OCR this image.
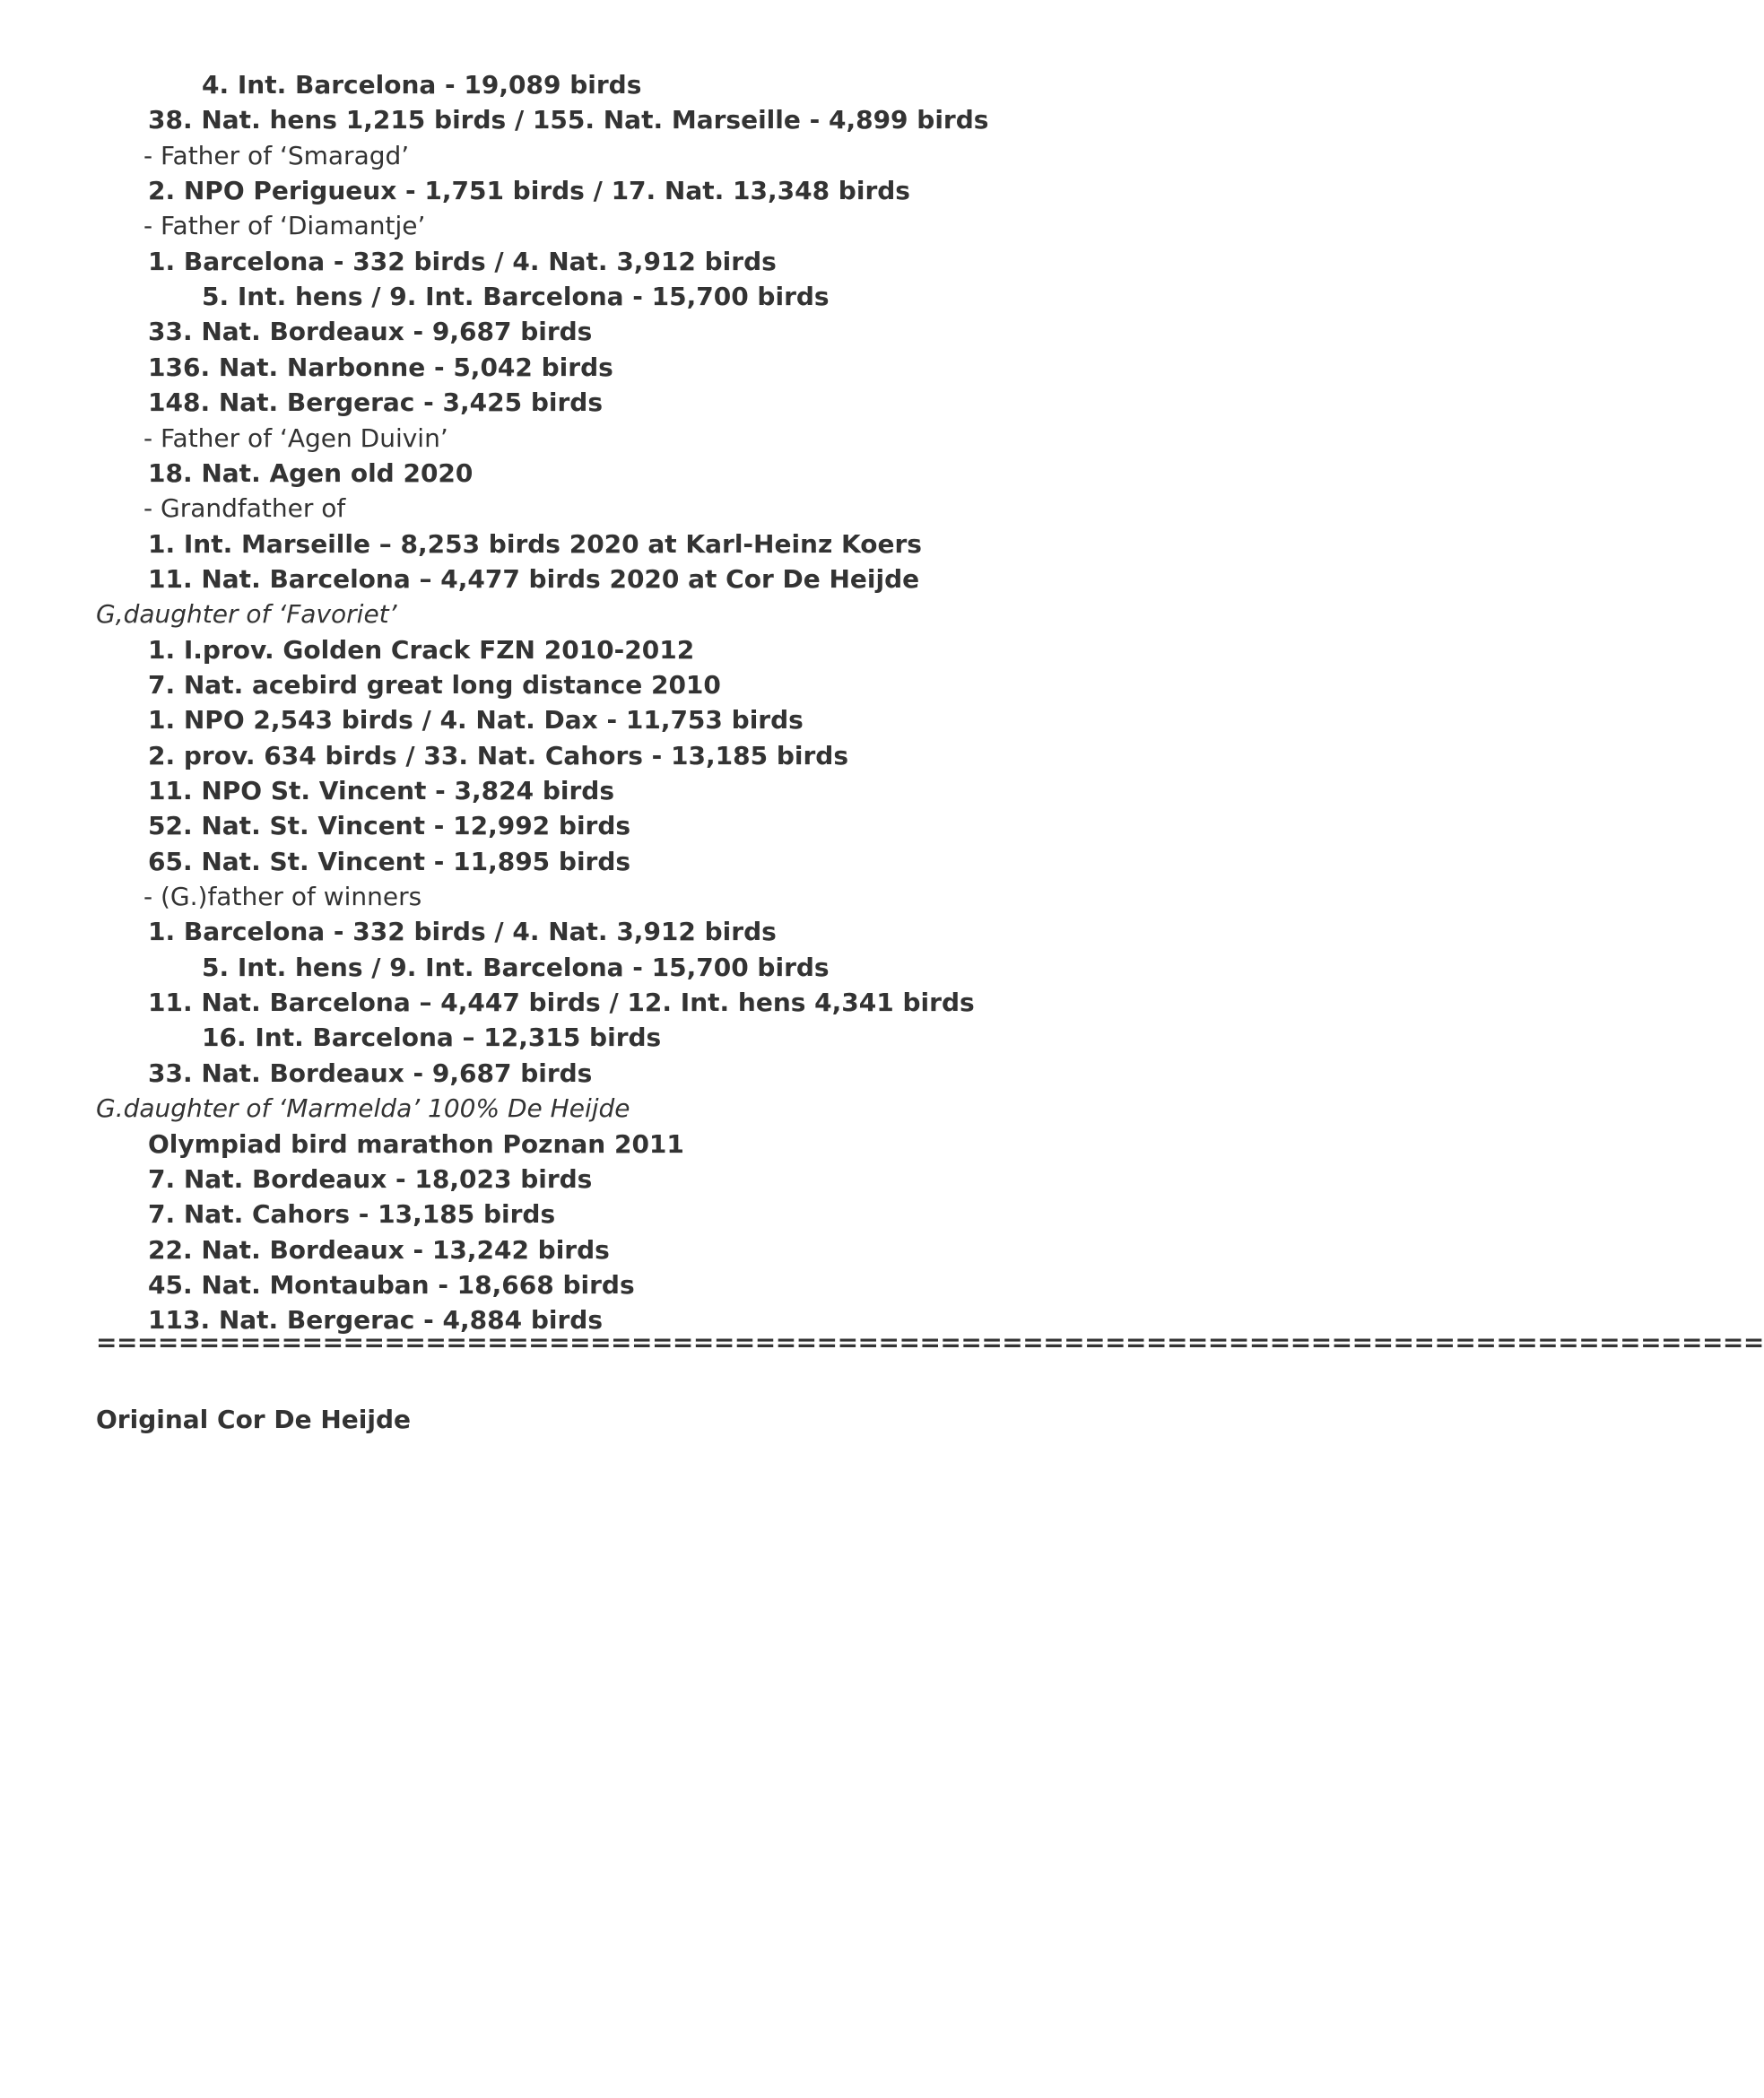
4. Int. Barcelona - 19,089 birds
38. Nat. hens 1,215 birds / 155. Nat. Marseille - 4,899 birds
- Father of ‘Smaragd’
2. NPO Perigueux - 1,751 birds / 17. Nat. 13,348 birds
- Father of ‘Diamantje’
1. Barcelona - 332 birds / 4. Nat. 3,912 birds
5. Int. hens / 9. Int. Barcelona - 15,700 birds
33. Nat. Bordeaux - 9,687 birds
136. Nat. Narbonne - 5,042 birds
148. Nat. Bergerac - 3,425 birds
- Father of ‘Agen Duivin’
18. Nat. Agen old 2020
- Grandfather of
1. Int. Marseille – 8,253 birds 2020 at Karl-Heinz Koers
11. Nat. Barcelona – 4,477 birds 2020 at Cor De Heijde
G,daughter of ‘Favoriet’
1. I.prov. Golden Crack FZN 2010-2012
7. Nat. acebird great long distance 2010
1. NPO 2,543 birds / 4. Nat. Dax - 11,753 birds
2. prov. 634 birds / 33. Nat. Cahors - 13,185 birds
11. NPO St. Vincent - 3,824 birds
52. Nat. St. Vincent - 12,992 birds
65. Nat. St. Vincent - 11,895 birds
- (G.)father of winners
1. Barcelona - 332 birds / 4. Nat. 3,912 birds
5. Int. hens / 9. Int. Barcelona - 15,700 birds
11. Nat. Barcelona – 4,447 birds / 12. Int. hens 4,341 birds
16. Int. Barcelona – 12,315 birds
33. Nat. Bordeaux - 9,687 birds
G.daughter of ‘Marmelda’ 100% De Heijde
Olympiad bird marathon Poznan 2011
7. Nat. Bordeaux - 18,023 birds
7. Nat. Cahors - 13,185 birds
22. Nat. Bordeaux - 13,242 birds
45. Nat. Montauban - 18,668 birds
113. Nat. Bergerac - 4,884 birds
=================================================================================
Original Cor De Heijde
